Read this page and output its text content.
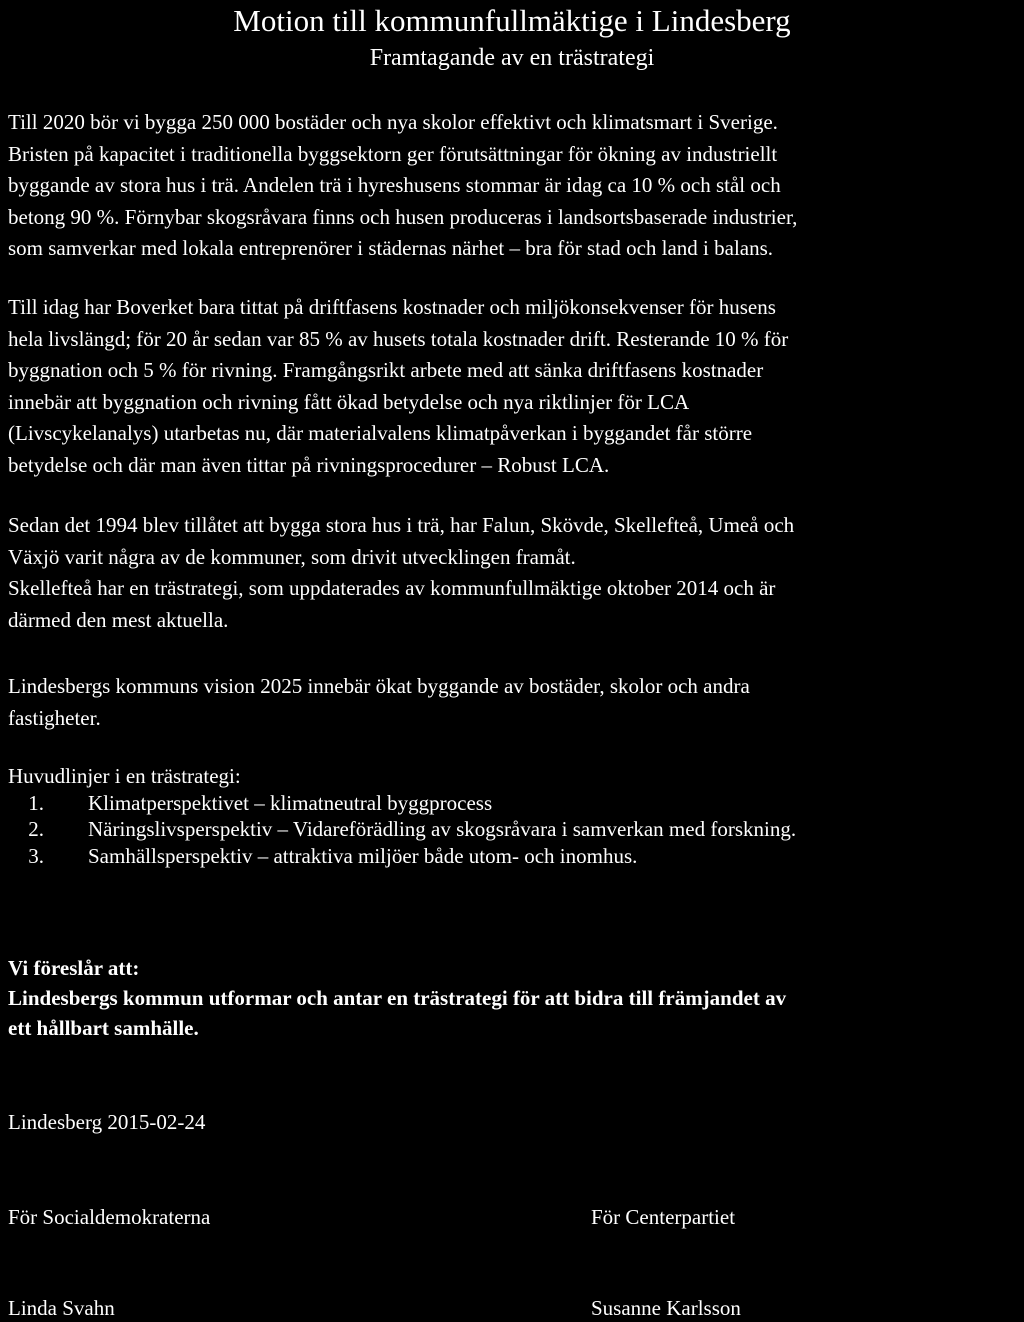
Motion till kommunfullmäktige i Lindesberg
Framtagande av en trästrategi
Till 2020 bör vi bygga 250 000 bostäder och nya skolor effektivt och klimatsmart i Sverige.
Bristen på kapacitet i traditionella byggsektorn ger förutsättningar för ökning av industriellt
byggande av stora hus i trä. Andelen trä i hyreshusens stommar är idag ca 10 % och stål och
betong 90 %. Förnybar skogsråvara finns och husen produceras i landsortsbaserade industrier,
som samverkar med lokala entreprenörer i städernas närhet – bra för stad och land i balans.
Till idag har Boverket bara tittat på driftfasens kostnader och miljökonsekvenser för husens
hela livslängd; för 20 år sedan var 85 % av husets totala kostnader drift. Resterande 10 % för
byggnation och 5 % för rivning. Framgångsrikt arbete med att sänka driftfasens kostnader
innebär att byggnation och rivning fått ökad betydelse och nya riktlinjer för LCA
(Livscykelanalys) utarbetas nu, där materialvalens klimatpåverkan i byggandet får större
betydelse och där man även tittar på rivningsprocedurer – Robust LCA.
Sedan det 1994 blev tillåtet att bygga stora hus i trä, har Falun, Skövde, Skellefteå, Umeå och
Växjö varit några av de kommuner, som drivit utvecklingen framåt.
Skellefteå har en trästrategi, som uppdaterades av kommunfullmäktige oktober 2014 och är
därmed den mest aktuella.
Lindesbergs kommuns vision 2025 innebär ökat byggande av bostäder, skolor och andra
fastigheter.
Huvudlinjer i en trästrategi:
1.	Klimatperspektivet – klimatneutral byggprocess
2.	Näringslivsperspektiv – Vidareförädling av skogsråvara i samverkan med forskning.
3.	Samhällsperspektiv – attraktiva miljöer både utom- och inomhus.
Vi föreslår att:
Lindesbergs kommun utformar och antar en trästrategi för att bidra till främjandet av
ett hållbart samhälle.
Lindesberg 2015-02-24
För Socialdemokraterna	För Centerpartiet
Linda Svahn	Susanne Karlsson
